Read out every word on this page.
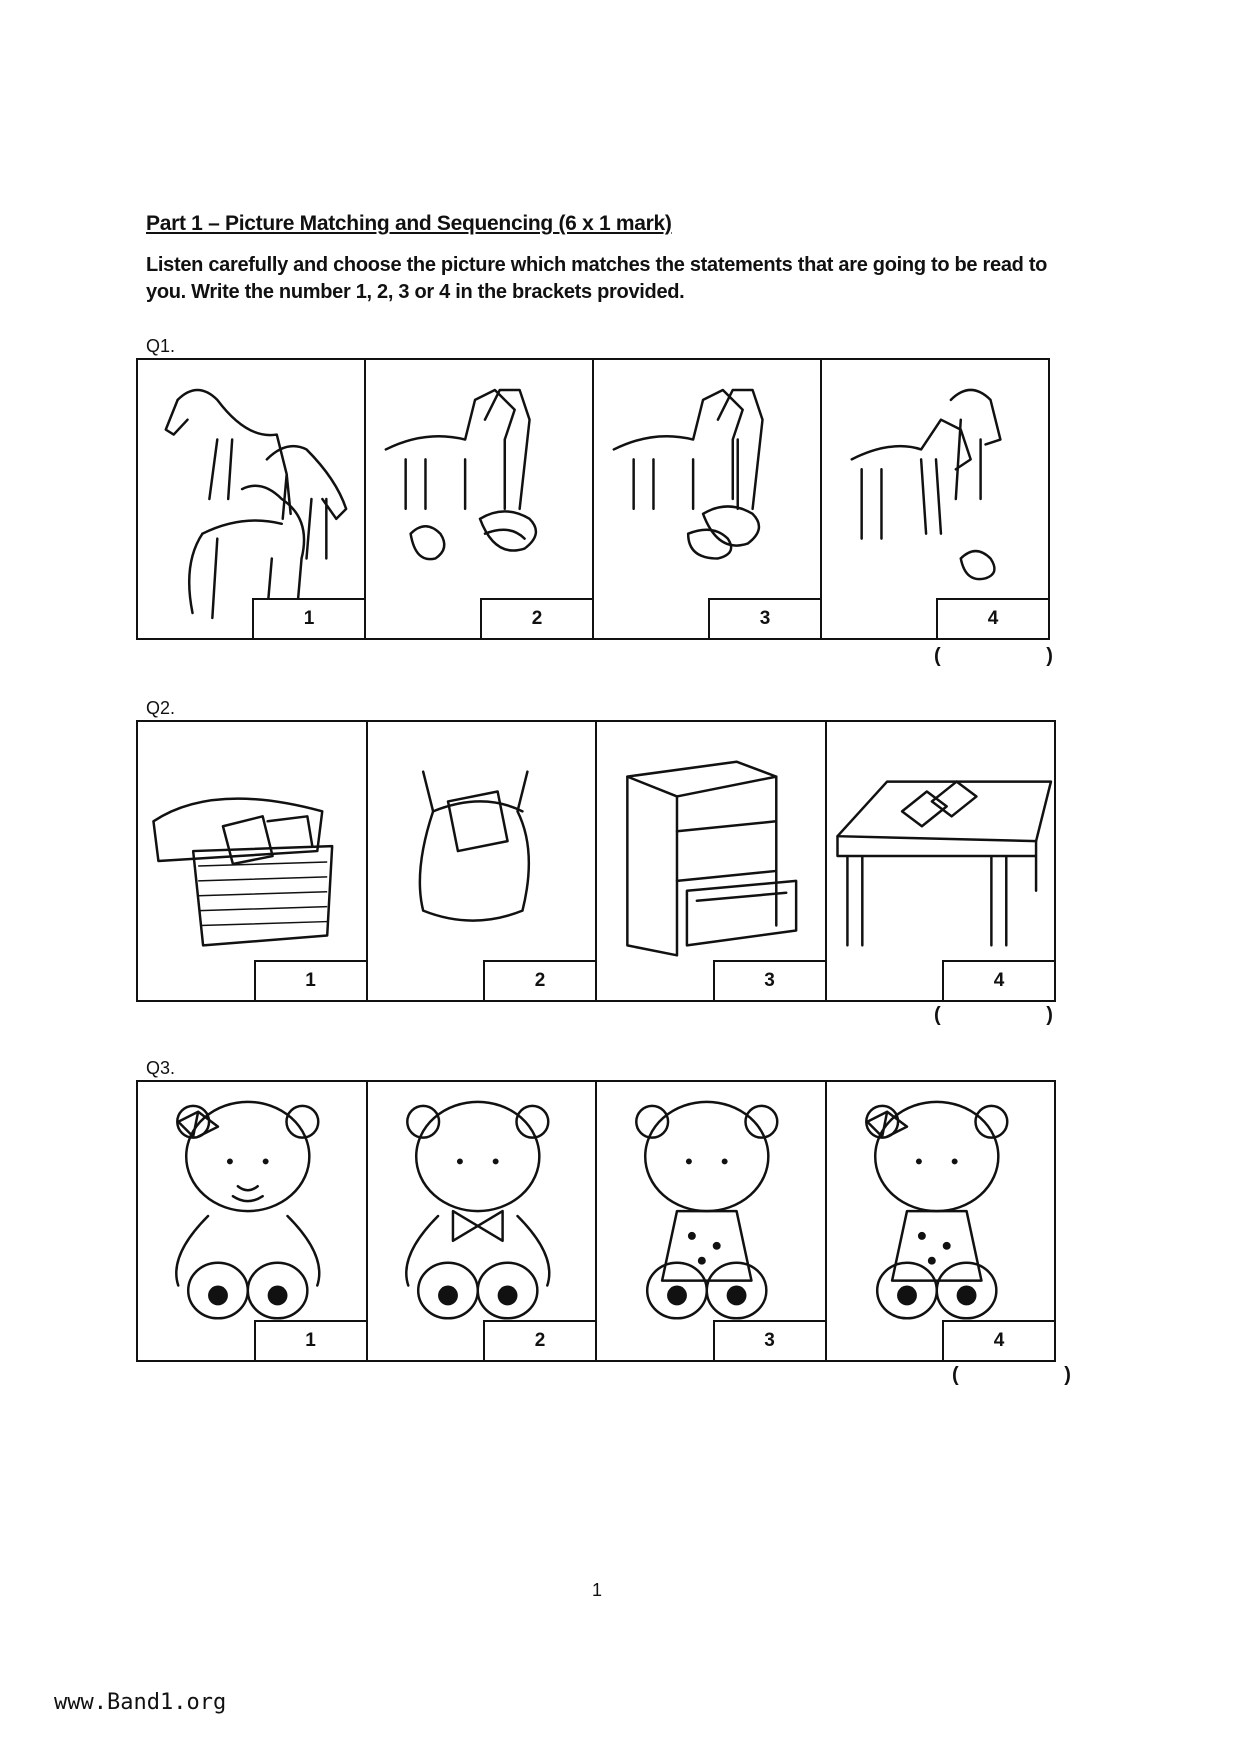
Part 1 – Picture Matching and Sequencing (6 x 1 mark)
Listen carefully and choose the picture which matches the statements that are going to be read to you. Write the number 1, 2, 3 or 4 in the brackets provided.
Q1.
1	2	3	4
( )
Q2.
1	2	3	4
( )
Q3.
1	2	3	4
( )
1
www.Band1.org
